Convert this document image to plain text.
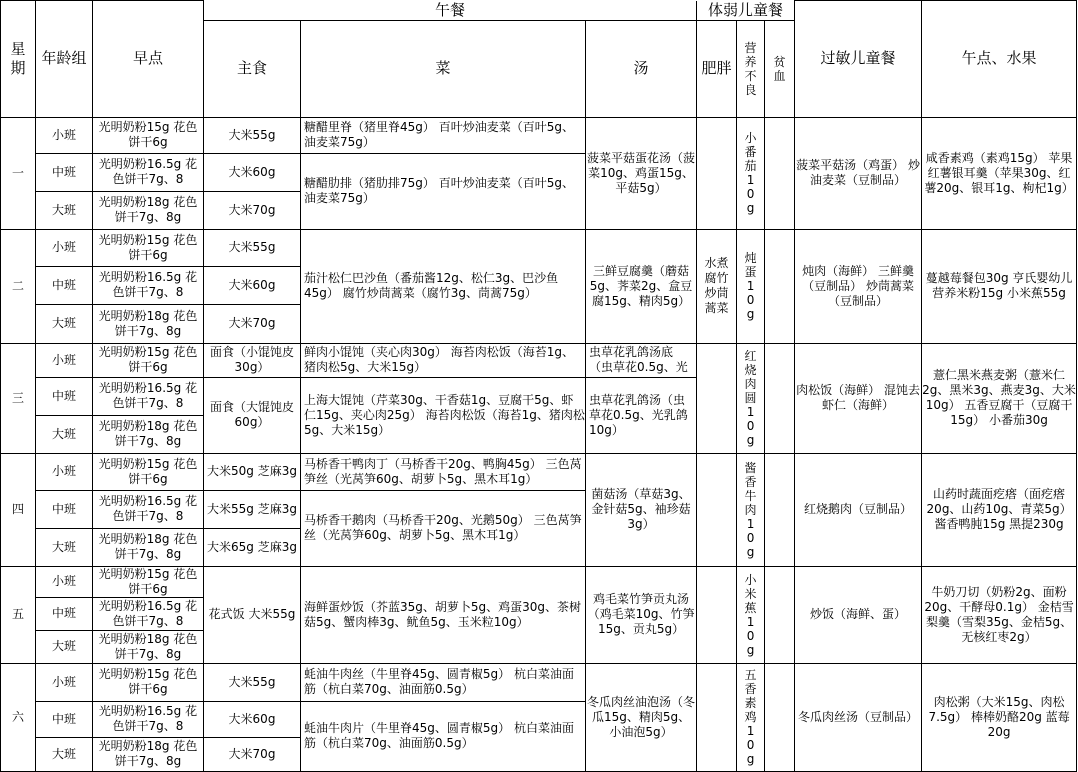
星期	年龄组	早点	午餐			体弱儿童餐			过敏儿童餐	午点、水果
			主食	菜	汤	肥胖	营养不良	贫血		

一	小班	光明奶粉15g 花色饼干6g	大米55g	糖醋里脊（猪里脊45g） 百叶炒油麦菜（百叶5g、油麦菜75g）	菠菜平菇蛋花汤（菠菜10g、鸡蛋15g、平菇5g）		小番茄10g		菠菜平菇汤（鸡蛋） 炒油麦菜（豆制品）	咸香素鸡（素鸡15g） 苹果红薯银耳羹（苹果30g、红薯20g、银耳1g、枸杞1g）
	中班	光明奶粉16.5g 花色饼干7g、8	大米60g	糖醋肋排（猪肋排75g） 百叶炒油麦菜（百叶5g、油麦菜75g）						
	大班	光明奶粉18g 花色饼干7g、8g	大米70g							
二	小班	光明奶粉15g 花色饼干6g	大米55g	茄汁松仁巴沙鱼（番茄酱12g、松仁3g、巴沙鱼45g） 腐竹炒茼蒿菜（腐竹3g、茼蒿75g）	三鲜豆腐羹（蘑菇5g、荠菜2g、盒豆腐15g、精肉5g）	水煮腐竹炒茼蒿菜	炖蛋10g		炖肉（海鲜） 三鲜羹（豆制品） 炒茼蒿菜（豆制品）	蔓越莓餐包30g 亨氏婴幼儿营养米粉15g 小米蕉55g
	中班	光明奶粉16.5g 花色饼干7g、8	大米60g							
	大班	光明奶粉18g 花色饼干7g、8g	大米70g							
三	小班	光明奶粉15g 花色饼干6g	面食（小馄饨皮30g）	鲜肉小馄饨（夹心肉30g） 海苔肉松饭（海苔1g、猪肉松5g、大米15g）	虫草花乳鸽汤底（虫草花0.5g、光		红烧肉圆10g		肉松饭（海鲜） 混饨去虾仁（海鲜）	薏仁黑米燕麦粥（薏米仁2g、黑米3g、燕麦3g、大米10g） 五香豆腐干（豆腐干15g） 小番茄30g
	中班	光明奶粉16.5g 花色饼干7g、8	面食（大馄饨皮60g）	上海大馄饨（芹菜30g、干香菇1g、豆腐干5g、虾仁15g、夹心肉25g） 海苔肉松饭（海苔1g、猪肉松5g、大米15g）	虫草花乳鸽汤（虫草花0.5g、光乳鸽10g）					
	大班	光明奶粉18g 花色饼干7g、8g								
四	小班	光明奶粉15g 花色饼干6g	大米50g 芝麻3g	马桥香干鸭肉丁（马桥香干20g、鸭胸45g） 三色莴笋丝（光莴笋60g、胡萝卜5g、黑木耳1g）	菌菇汤（草菇3g、金针菇5g、袖珍菇3g）		酱香牛肉10g		红烧鹅肉（豆制品）	山药时蔬面疙瘩（面疙瘩20g、山药10g、青菜5g） 酱香鸭肫15g 黑提230g
	中班	光明奶粉16.5g 花色饼干7g、8	大米55g 芝麻3g	马桥香干鹅肉（马桥香干20g、光鹅50g） 三色莴笋丝（光莴笋60g、胡萝卜5g、黑木耳1g）						
	大班	光明奶粉18g 花色饼干7g、8g	大米65g 芝麻3g							
五	小班	光明奶粉15g 花色饼干6g	花式饭 大米55g	海鲜蛋炒饭（芥蓝35g、胡萝卜5g、鸡蛋30g、茶树菇5g、蟹肉棒3g、鱿鱼5g、玉米粒10g）	鸡毛菜竹笋贡丸汤（鸡毛菜10g、竹笋15g、贡丸5g）		小米蕉10g		炒饭（海鲜、蛋）	牛奶刀切（奶粉2g、面粉20g、干酵母0.1g） 金桔雪梨羹（雪梨35g、金桔5g、无核红枣2g）
	中班	光明奶粉16.5g 花色饼干7g、8								
	大班	光明奶粉18g 花色饼干7g、8g								
六	小班	光明奶粉15g 花色饼干6g	大米55g	蚝油牛肉丝（牛里脊45g、圆青椒5g） 杭白菜油面筋（杭白菜70g、油面筋0.5g）	冬瓜肉丝油泡汤（冬瓜15g、精肉5g、小油泡5g）		五香素鸡10g		冬瓜肉丝汤（豆制品）	肉松粥（大米15g、肉松7.5g） 棒棒奶酪20g 蓝莓20g
	中班	光明奶粉16.5g 花色饼干7g、8	大米60g	蚝油牛肉片（牛里脊45g、圆青椒5g） 杭白菜油面筋（杭白菜70g、油面筋0.5g）						
	大班	光明奶粉18g 花色饼干7g、8g	大米70g							
